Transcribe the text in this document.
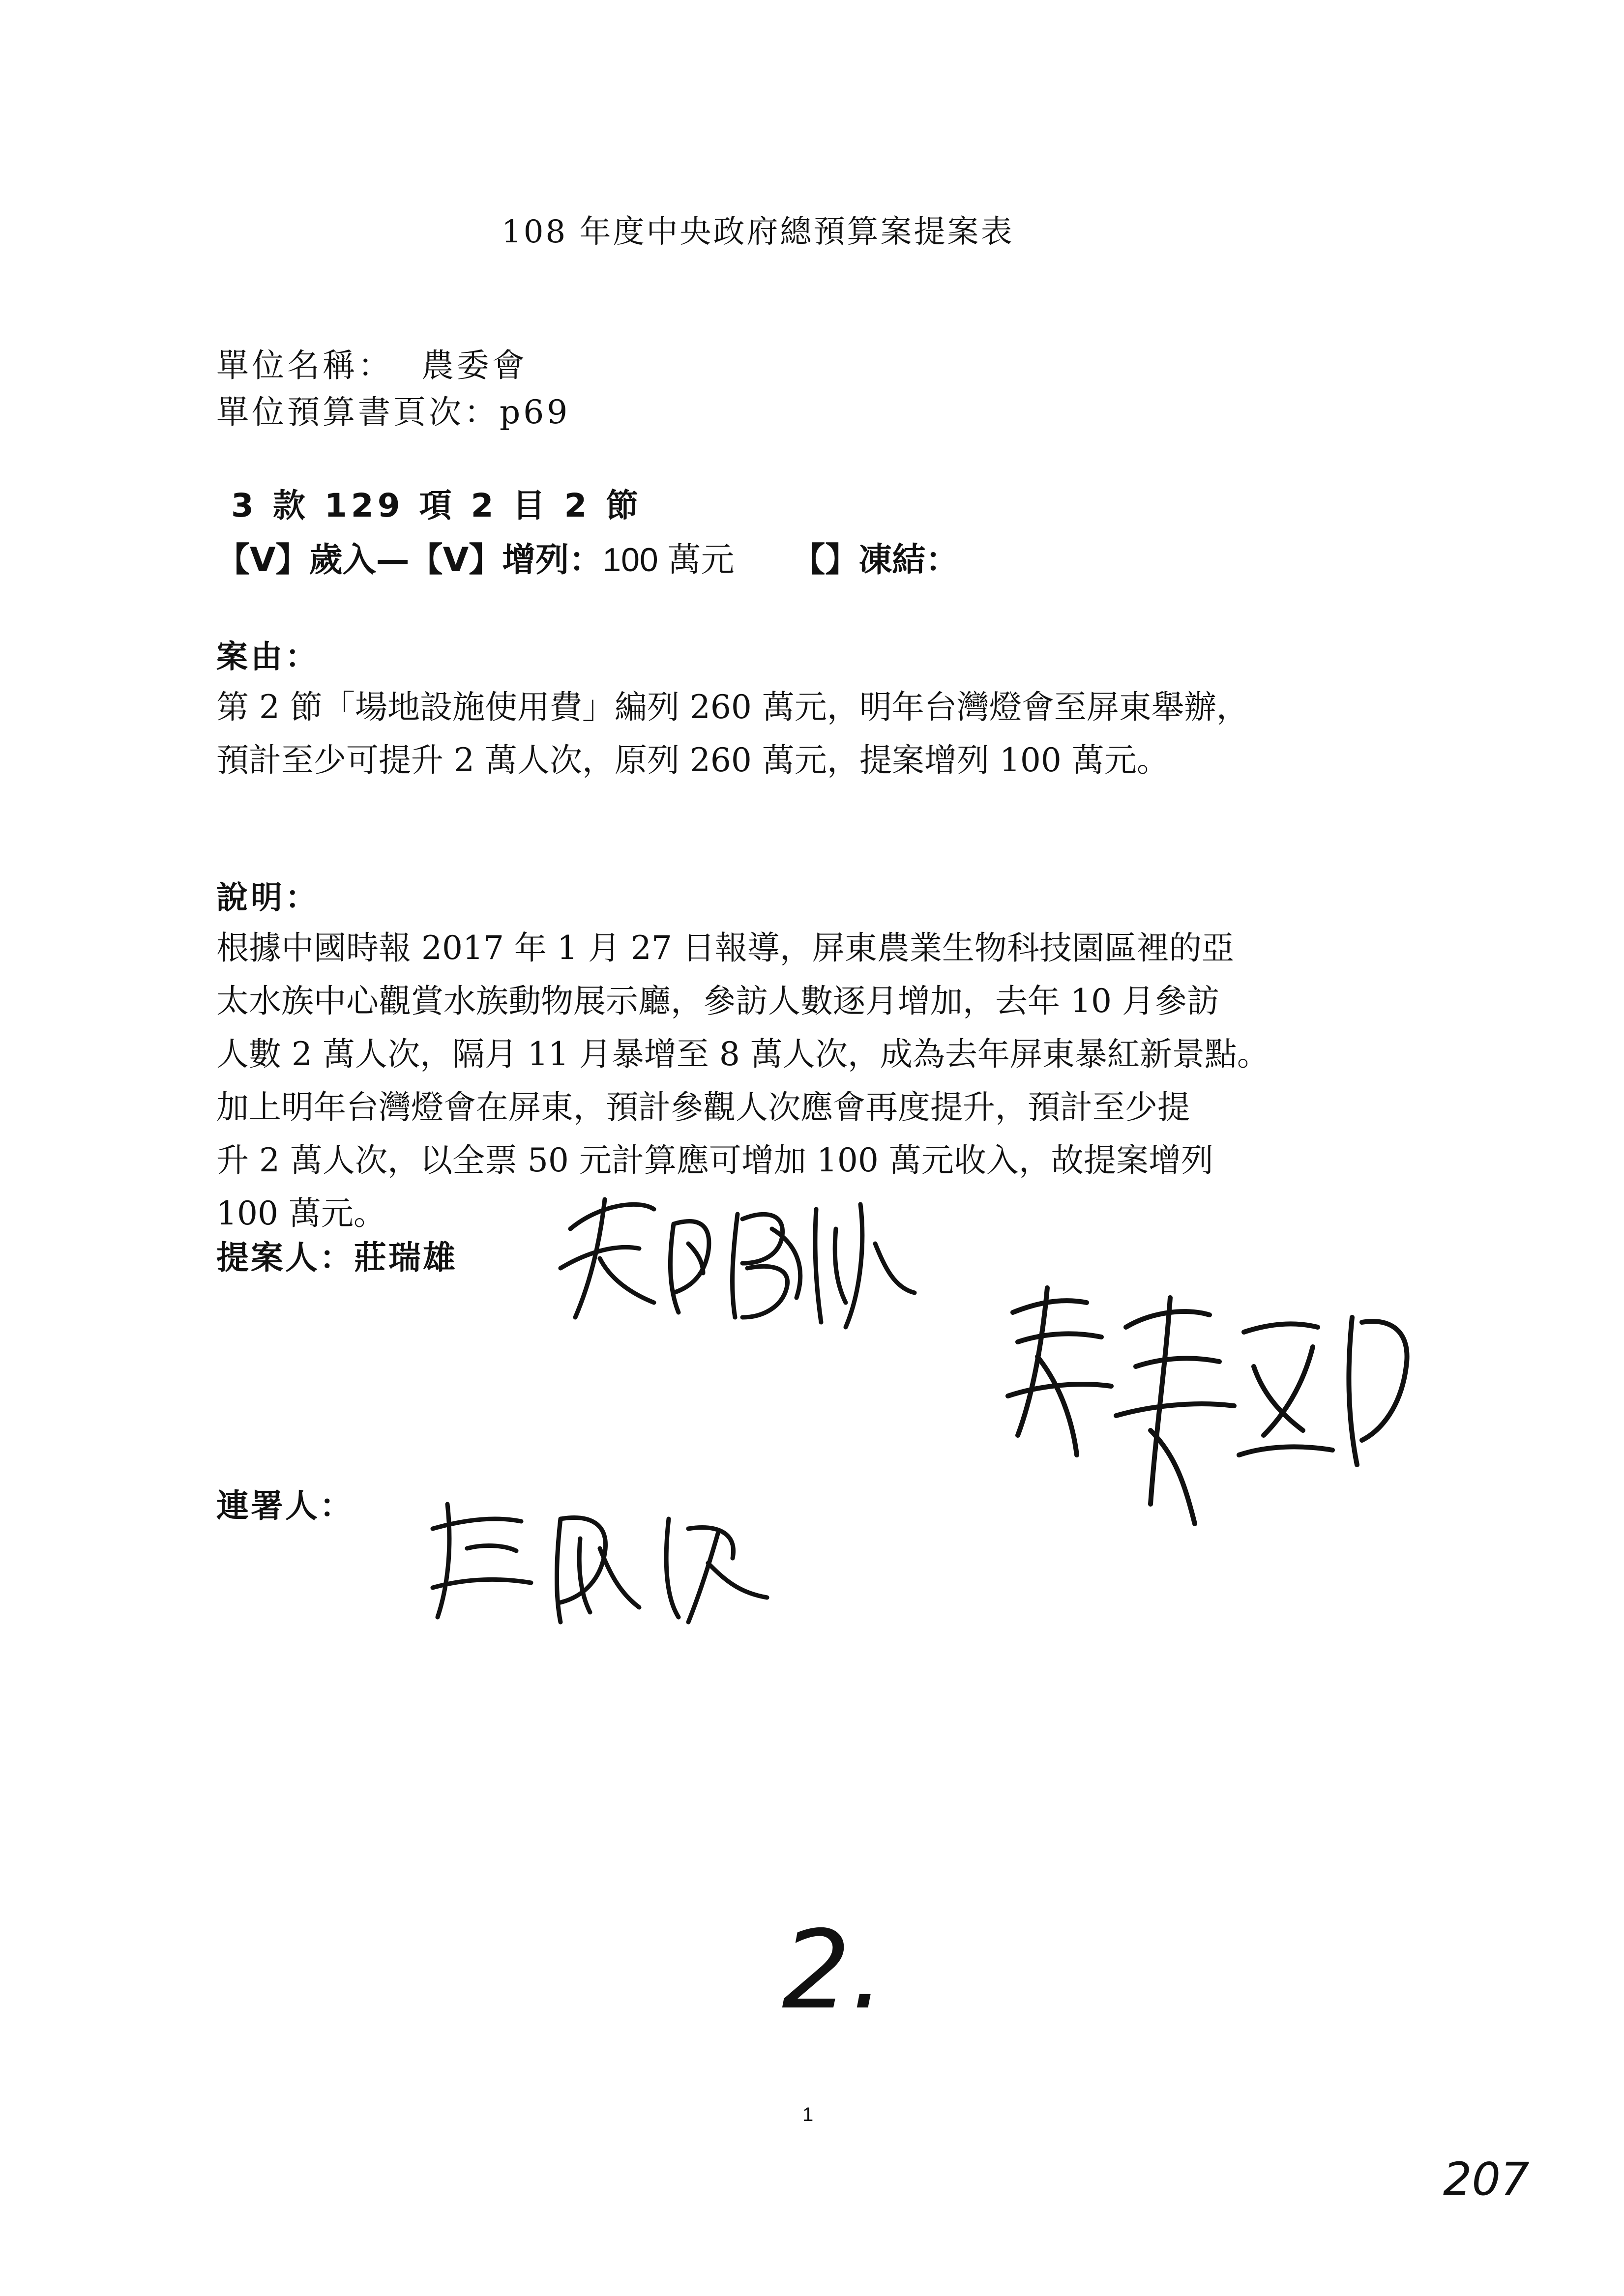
108 年度中央政府總預算案提案表
單位名稱： 農委會
單位預算書頁次：p69
3 款 129 項 2 目 2 節
【V】歲入—【V】增列：100 萬元 【】凍結：
案由：
第 2 節「場地設施使用費」編列 260 萬元，明年台灣燈會至屏東舉辦，
預計至少可提升 2 萬人次，原列 260 萬元，提案增列 100 萬元。
說明：
根據中國時報 2017 年 1 月 27 日報導，屏東農業生物科技園區裡的亞
太水族中心觀賞水族動物展示廳，參訪人數逐月增加，去年 10 月參訪
人數 2 萬人次，隔月 11 月暴增至 8 萬人次，成為去年屏東暴紅新景點。
加上明年台灣燈會在屏東，預計參觀人次應會再度提升，預計至少提
升 2 萬人次，以全票 50 元計算應可增加 100 萬元收入，故提案增列
100 萬元。
提案人：莊瑞雄
連署人：
2.
1
207
